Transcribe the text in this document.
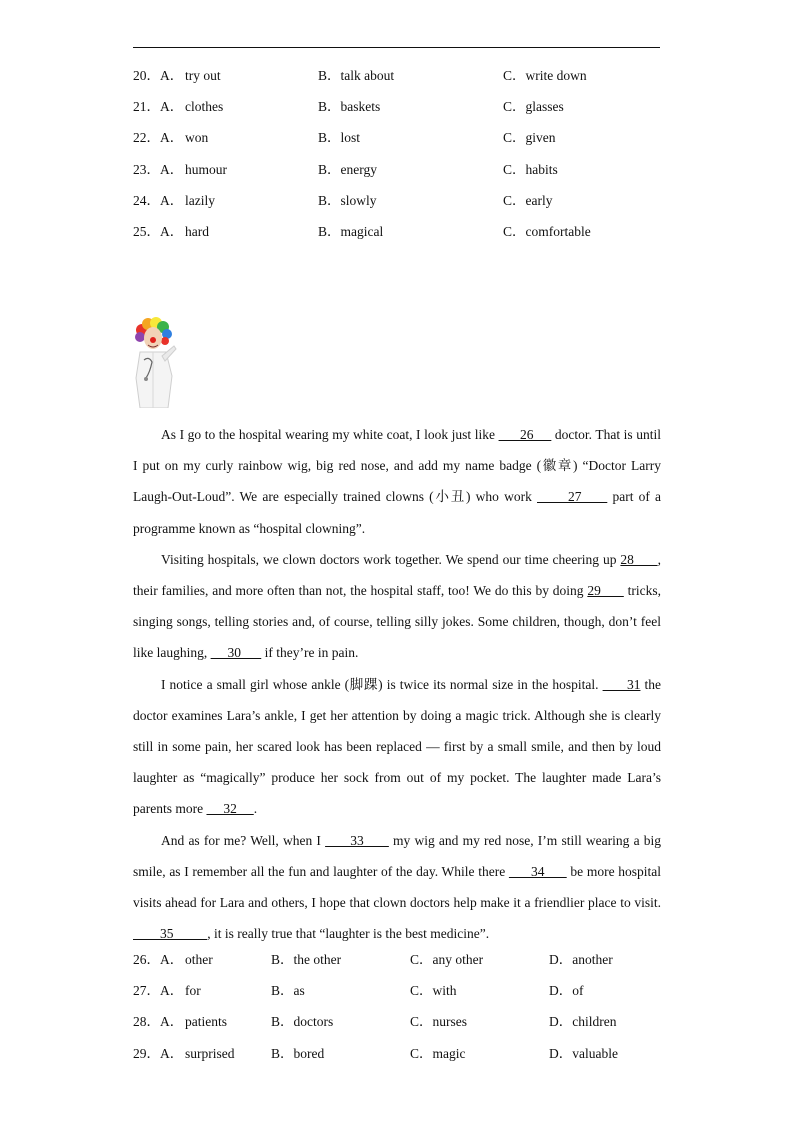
20．A． try out	B．talk about	C．write down
21．A． clothes	B．baskets	C．glasses
22．A． won	B．lost	C．given
23．A． humour	B．energy	C．habits
24．A． lazily	B．slowly	C．early
25．A． hard	B．magical	C．comfortable

As I go to the hospital wearing my white coat, I look just like       26      doctor. That is until I put on my curly rainbow wig, big red nose, and add my name badge (徽章) “Doctor Larry Laugh-Out-Loud”. We are especially trained clowns (小丑) who work       27      part of a programme known as “hospital clowning”.

Visiting hospitals, we clown doctors work together. We spend our time cheering up 28      , their families, and more often than not, the hospital staff, too! We do this by doing 29       tricks, singing songs, telling stories and, of course, telling silly jokes. Some children, though, don’t feel like laughing,      30       if they’re in pain.

I notice a small girl whose ankle (脚踝) is twice its normal size in the hospital.       31 the doctor examines Lara’s ankle, I get her attention by doing a magic trick. Although she is clearly still in some pain, her scared look has been replaced — first by a small smile, and then by loud laughter as “magically” produce her sock from out of my pocket. The laughter made Lara’s parents more      32     .

And as for me? Well, when I       33       my wig and my red nose, I’m still wearing a big smile, as I remember all the fun and laughter of the day. While there       34       be more hospital visits ahead for Lara and others, I hope that clown doctors help make it a friendlier place to visit.         35          , it is really true that “laughter is the best medicine”.

26．A． other	B．the other	C．any other	D．another
27．A． for	B．as	C．with	D．of
28．A． patients	B．doctors	C．nurses	D．children
29．A． surprised	B．bored	C．magic	D．valuable
